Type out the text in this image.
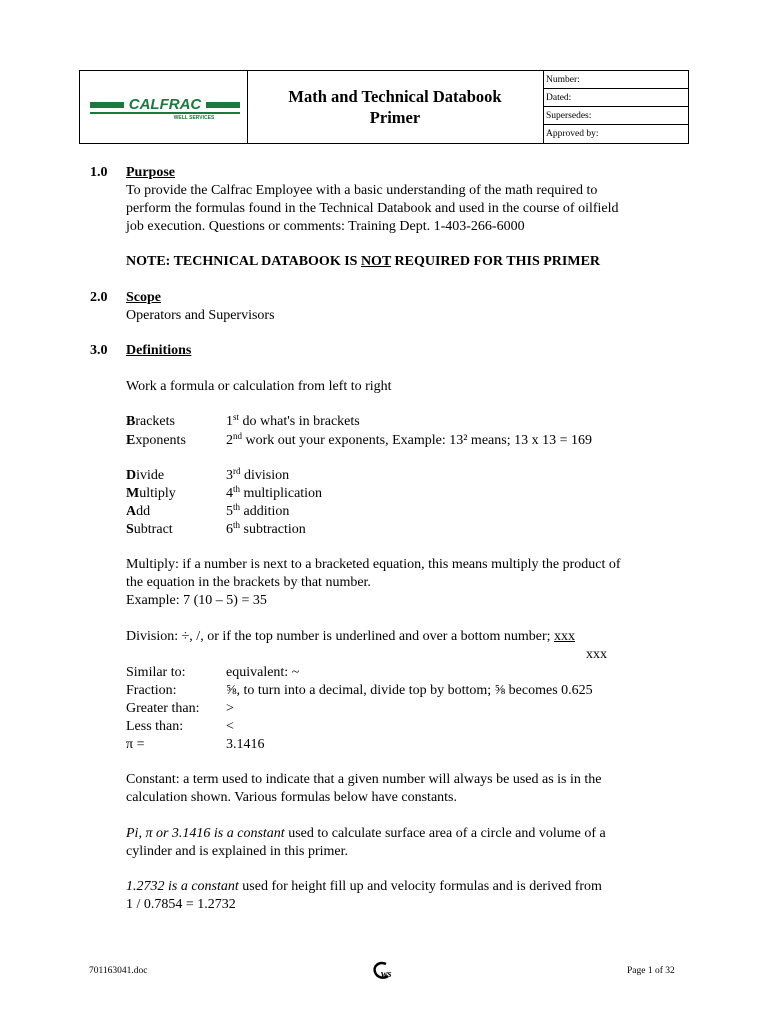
CALFRAC
WELL SERVICES
Math and Technical Databook
Primer
Number:
Dated:
Supersedes:
Approved by:
1.0 Purpose
To provide the Calfrac Employee with a basic understanding of the math required to
perform the formulas found in the Technical Databook and used in the course of oilfield
job execution. Questions or comments: Training Dept. 1-403-266-6000
NOTE: TECHNICAL DATABOOK IS NOT REQUIRED FOR THIS PRIMER
2.0 Scope
Operators and Supervisors
3.0 Definitions
Work a formula or calculation from left to right
Brackets	1st do what's in brackets
Exponents	2nd work out your exponents, Example: 13² means; 13 x 13 = 169
Divide	3rd division
Multiply	4th multiplication
Add	5th addition
Subtract	6th subtraction
Multiply: if a number is next to a bracketed equation, this means multiply the product of
the equation in the brackets by that number.
Example: 7 (10 – 5) = 35
Division: ÷, /, or if the top number is underlined and over a bottom number; xxx
xxx
Similar to:	equivalent: ~
Fraction:	⅝, to turn into a decimal, divide top by bottom; ⅝ becomes 0.625
Greater than: >
Less than:	<
π =	3.1416
Constant: a term used to indicate that a given number will always be used as is in the
calculation shown. Various formulas below have constants.
Pi, π or 3.1416 is a constant used to calculate surface area of a circle and volume of a
cylinder and is explained in this primer.
1.2732 is a constant used for height fill up and velocity formulas and is derived from
1 / 0.7854 = 1.2732
701163041.doc	ws	Page 1 of 32
